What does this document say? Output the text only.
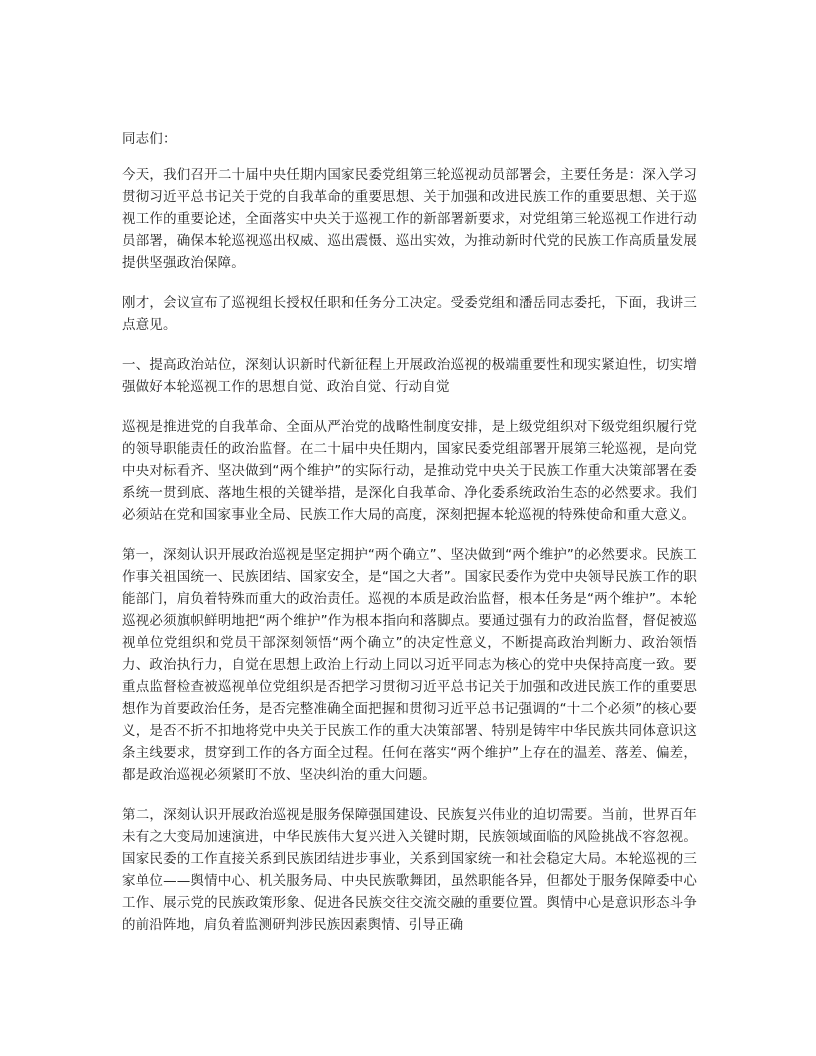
同志们：

今天，我们召开二十届中央任期内国家民委党组第三轮巡视动员部署会，主要任务是：深入学习贯彻习近平总书记关于党的自我革命的重要思想、关于加强和改进民族工作的重要思想、关于巡视工作的重要论述，全面落实中央关于巡视工作的新部署新要求，对党组第三轮巡视工作进行动员部署，确保本轮巡视巡出权威、巡出震慑、巡出实效，为推动新时代党的民族工作高质量发展提供坚强政治保障。

刚才，会议宣布了巡视组长授权任职和任务分工决定。受委党组和潘岳同志委托，下面，我讲三点意见。

一、提高政治站位，深刻认识新时代新征程上开展政治巡视的极端重要性和现实紧迫性，切实增强做好本轮巡视工作的思想自觉、政治自觉、行动自觉

巡视是推进党的自我革命、全面从严治党的战略性制度安排，是上级党组织对下级党组织履行党的领导职能责任的政治监督。在二十届中央任期内，国家民委党组部署开展第三轮巡视，是向党中央对标看齐、坚决做到“两个维护”的实际行动，是推动党中央关于民族工作重大决策部署在委系统一贯到底、落地生根的关键举措，是深化自我革命、净化委系统政治生态的必然要求。我们必须站在党和国家事业全局、民族工作大局的高度，深刻把握本轮巡视的特殊使命和重大意义。

第一，深刻认识开展政治巡视是坚定拥护“两个确立”、坚决做到“两个维护”的必然要求。民族工作事关祖国统一、民族团结、国家安全，是“国之大者”。国家民委作为党中央领导民族工作的职能部门，肩负着特殊而重大的政治责任。巡视的本质是政治监督，根本任务是“两个维护”。本轮巡视必须旗帜鲜明地把“两个维护”作为根本指向和落脚点。要通过强有力的政治监督，督促被巡视单位党组织和党员干部深刻领悟“两个确立”的决定性意义，不断提高政治判断力、政治领悟力、政治执行力，自觉在思想上政治上行动上同以习近平同志为核心的党中央保持高度一致。要重点监督检查被巡视单位党组织是否把学习贯彻习近平总书记关于加强和改进民族工作的重要思想作为首要政治任务，是否完整准确全面把握和贯彻习近平总书记强调的“十二个必须”的核心要义，是否不折不扣地将党中央关于民族工作的重大决策部署、特别是铸牢中华民族共同体意识这条主线要求，贯穿到工作的各方面全过程。任何在落实“两个维护”上存在的温差、落差、偏差，都是政治巡视必须紧盯不放、坚决纠治的重大问题。

第二，深刻认识开展政治巡视是服务保障强国建设、民族复兴伟业的迫切需要。当前，世界百年未有之大变局加速演进，中华民族伟大复兴进入关键时期，民族领域面临的风险挑战不容忽视。国家民委的工作直接关系到民族团结进步事业，关系到国家统一和社会稳定大局。本轮巡视的三家单位——舆情中心、机关服务局、中央民族歌舞团，虽然职能各异，但都处于服务保障委中心工作、展示党的民族政策形象、促进各民族交往交流交融的重要位置。舆情中心是意识形态斗争的前沿阵地，肩负着监测研判涉民族因素舆情、引导正确
